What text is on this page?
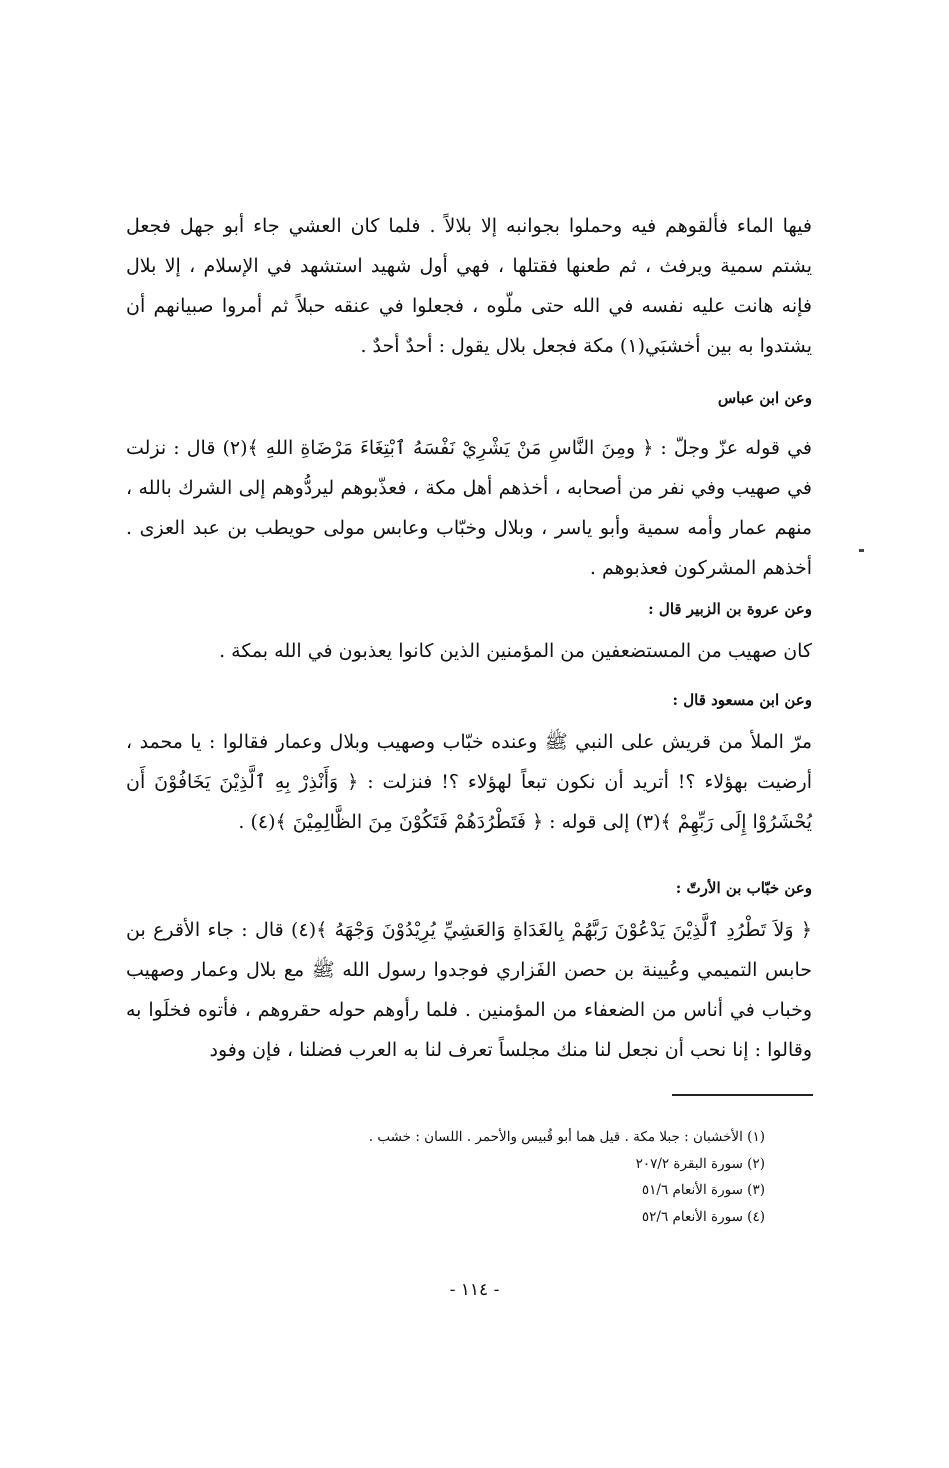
فيها الماء فألقوهم فيه وحملوا بجوانبه إلا بلالاً . فلما كان العشي جاء أبو جهل فجعل يشتم سمية ويرفث ، ثم طعنها فقتلها ، فهي أول شهيد استشهد في الإسلام ، إلا بلال فإنه هانت عليه نفسه في الله حتى ملّوه ، فجعلوا في عنقه حبلاً ثم أمروا صبيانهم أن يشتدوا به بين أخشبَي(١) مكة فجعل بلال يقول : أحدٌ أحدٌ .

وعن ابن عباس

في قوله عزّ وجلّ : ﴿ ومِنَ النَّاسِ مَنْ يَشْرِيْ نَفْسَهُ ٱبْتِغَاءَ مَرْضَاةِ اللهِ ﴾(٢) قال : نزلت في صهيب وفي نفر من أصحابه ، أخذهم أهل مكة ، فعذّبوهم ليردُّوهم إلى الشرك بالله ، منهم عمار وأمه سمية وأبو ياسر ، وبلال وخبّاب وعابس مولى حويطب بن عبد العزى . أخذهم المشركون فعذبوهم .

وعن عروة بن الزبير قال :

كان صهيب من المستضعفين من المؤمنين الذين كانوا يعذبون في الله بمكة .

وعن ابن مسعود قال :

مرّ الملأ من قريش على النبي ﷺ وعنده خبّاب وصهيب وبلال وعمار فقالوا : يا محمد ، أرضيت بهؤلاء ؟! أتريد أن نكون تبعاً لهؤلاء ؟! فنزلت : ﴿ وَأَنْذِرْ بِهِ ٱلَّذِيْنَ يَخَافُوْنَ أَن يُحْشَرُوْا إِلَى رَبِّهِمْ ﴾(٣) إلى قوله : ﴿ فَتَطْرُدَهُمْ فَتَكُوْنَ مِنَ الظَّالِمِيْنَ ﴾(٤) .

وعن خبّاب بن الأرتّ :

﴿ وَلاَ تَطْرُدِ ٱلَّذِيْنَ يَدْعُوْنَ رَبَّهُمْ بِالغَدَاةِ وَالعَشِيِّ يُرِيْدُوْنَ وَجْهَهُ ﴾(٤) قال : جاء الأقرع بن حابس التميمي وعُيينة بن حصن الفَزاري فوجدوا رسول الله ﷺ مع بلال وعمار وصهيب وخباب في أناس من الضعفاء من المؤمنين . فلما رأوهم حوله حقروهم ، فأتوه فخلَوا به وقالوا : إنا نحب أن نجعل لنا منك مجلساً تعرف لنا به العرب فضلنا ، فإن وفود

(١) الأخشبان : جبلا مكة . قيل هما أبو قُبيس والأحمر . اللسان : خشب .

(٢) سورة البقرة ٢٠٧/٢

(٣) سورة الأنعام ٥١/٦

(٤) سورة الأنعام ٥٢/٦

- ١١٤ -
